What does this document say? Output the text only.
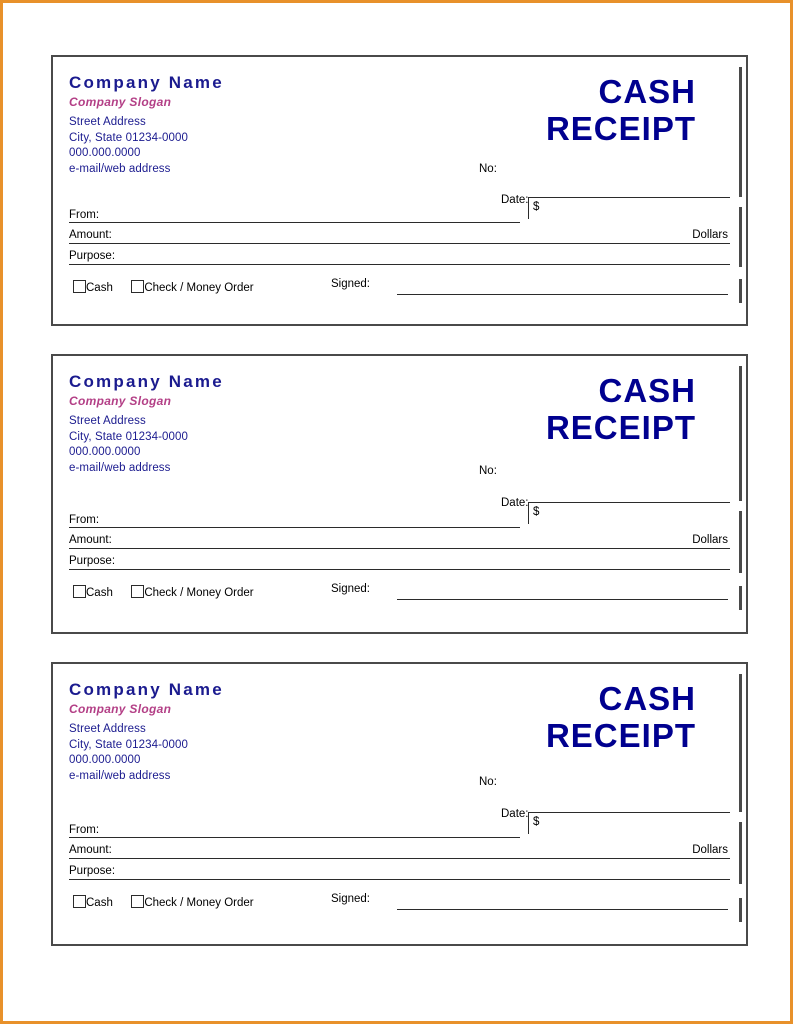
Company Name
Company Slogan
Street Address
City, State 01234-0000
000.000.0000
e-mail/web address
CASH
RECEIPT
No:
Date:
From:
$
Amount:	Dollars
Purpose:
Cash	Check / Money Order	Signed:
Company Name
Company Slogan
Street Address
City, State 01234-0000
000.000.0000
e-mail/web address
CASH
RECEIPT
No:
Date:
From:
$
Amount:	Dollars
Purpose:
Cash	Check / Money Order	Signed:
Company Name
Company Slogan
Street Address
City, State 01234-0000
000.000.0000
e-mail/web address
CASH
RECEIPT
No:
Date:
From:
$
Amount:	Dollars
Purpose:
Cash	Check / Money Order	Signed:
